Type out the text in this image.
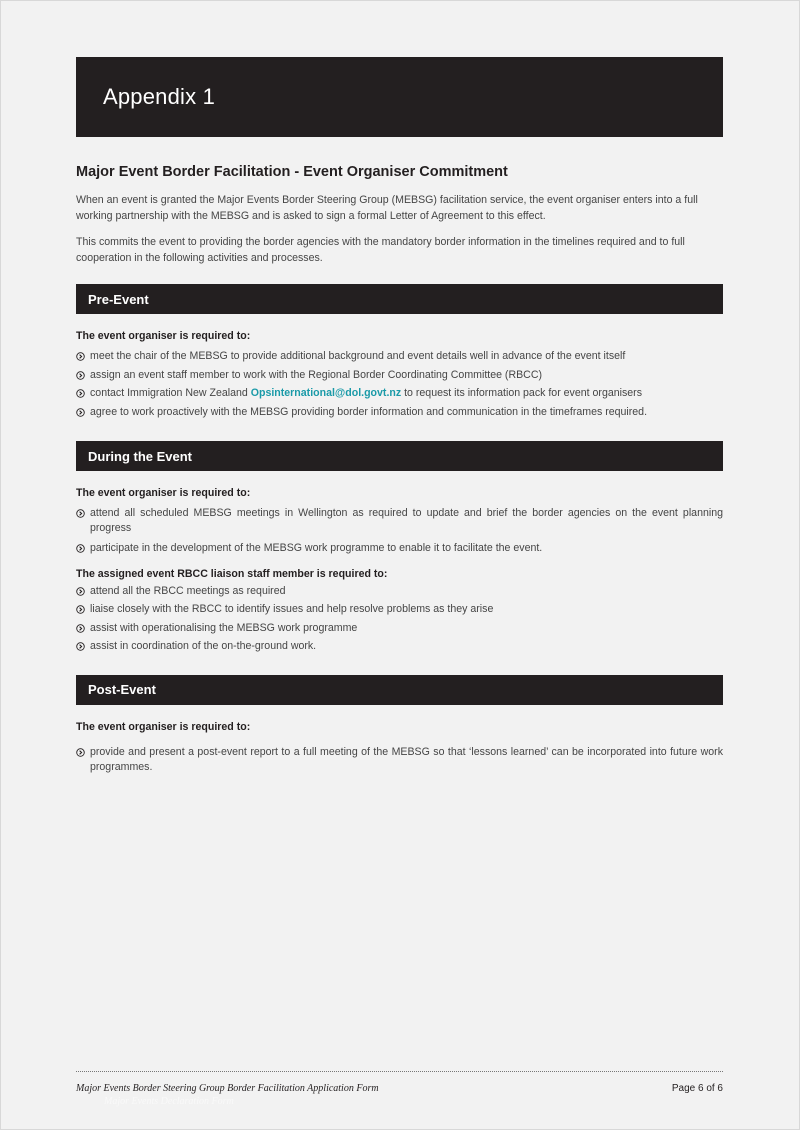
Appendix 1
Major Event Border Facilitation - Event Organiser Commitment

When an event is granted the Major Events Border Steering Group (MEBSG) facilitation service, the event organiser enters into a full working partnership with the MEBSG and is asked to sign a formal Letter of Agreement to this effect.

This commits the event to providing the border agencies with the mandatory border information in the timelines required and to full cooperation in the following activities and processes.

Pre-Event
The event organiser is required to:
meet the chair of the MEBSG to provide additional background and event details well in advance of the event itself
assign an event staff member to work with the Regional Border Coordinating Committee (RBCC)
contact Immigration New Zealand Opsinternational@dol.govt.nz to request its information pack for event organisers
agree to work proactively with the MEBSG providing border information and communication in the timeframes required.
During the Event
The event organiser is required to:
attend all scheduled MEBSG meetings in Wellington as required to update and brief the border agencies on the event planning progress
participate in the development of the MEBSG work programme to enable it to facilitate the event.
The assigned event RBCC liaison staff member is required to:
attend all the RBCC meetings as required
liaise closely with the RBCC to identify issues and help resolve problems as they arise
assist with operationalising the MEBSG work programme
assist in coordination of the on-the-ground work.
Post-Event
The event organiser is required to:
provide and present a post-event report to a full meeting of the MEBSG so that ‘lessons learned’ can be incorporated into future work programmes.
Major Events Border Steering Group Border Facilitation Application Form	Page 6 of 6
Major Events Declaration Form
